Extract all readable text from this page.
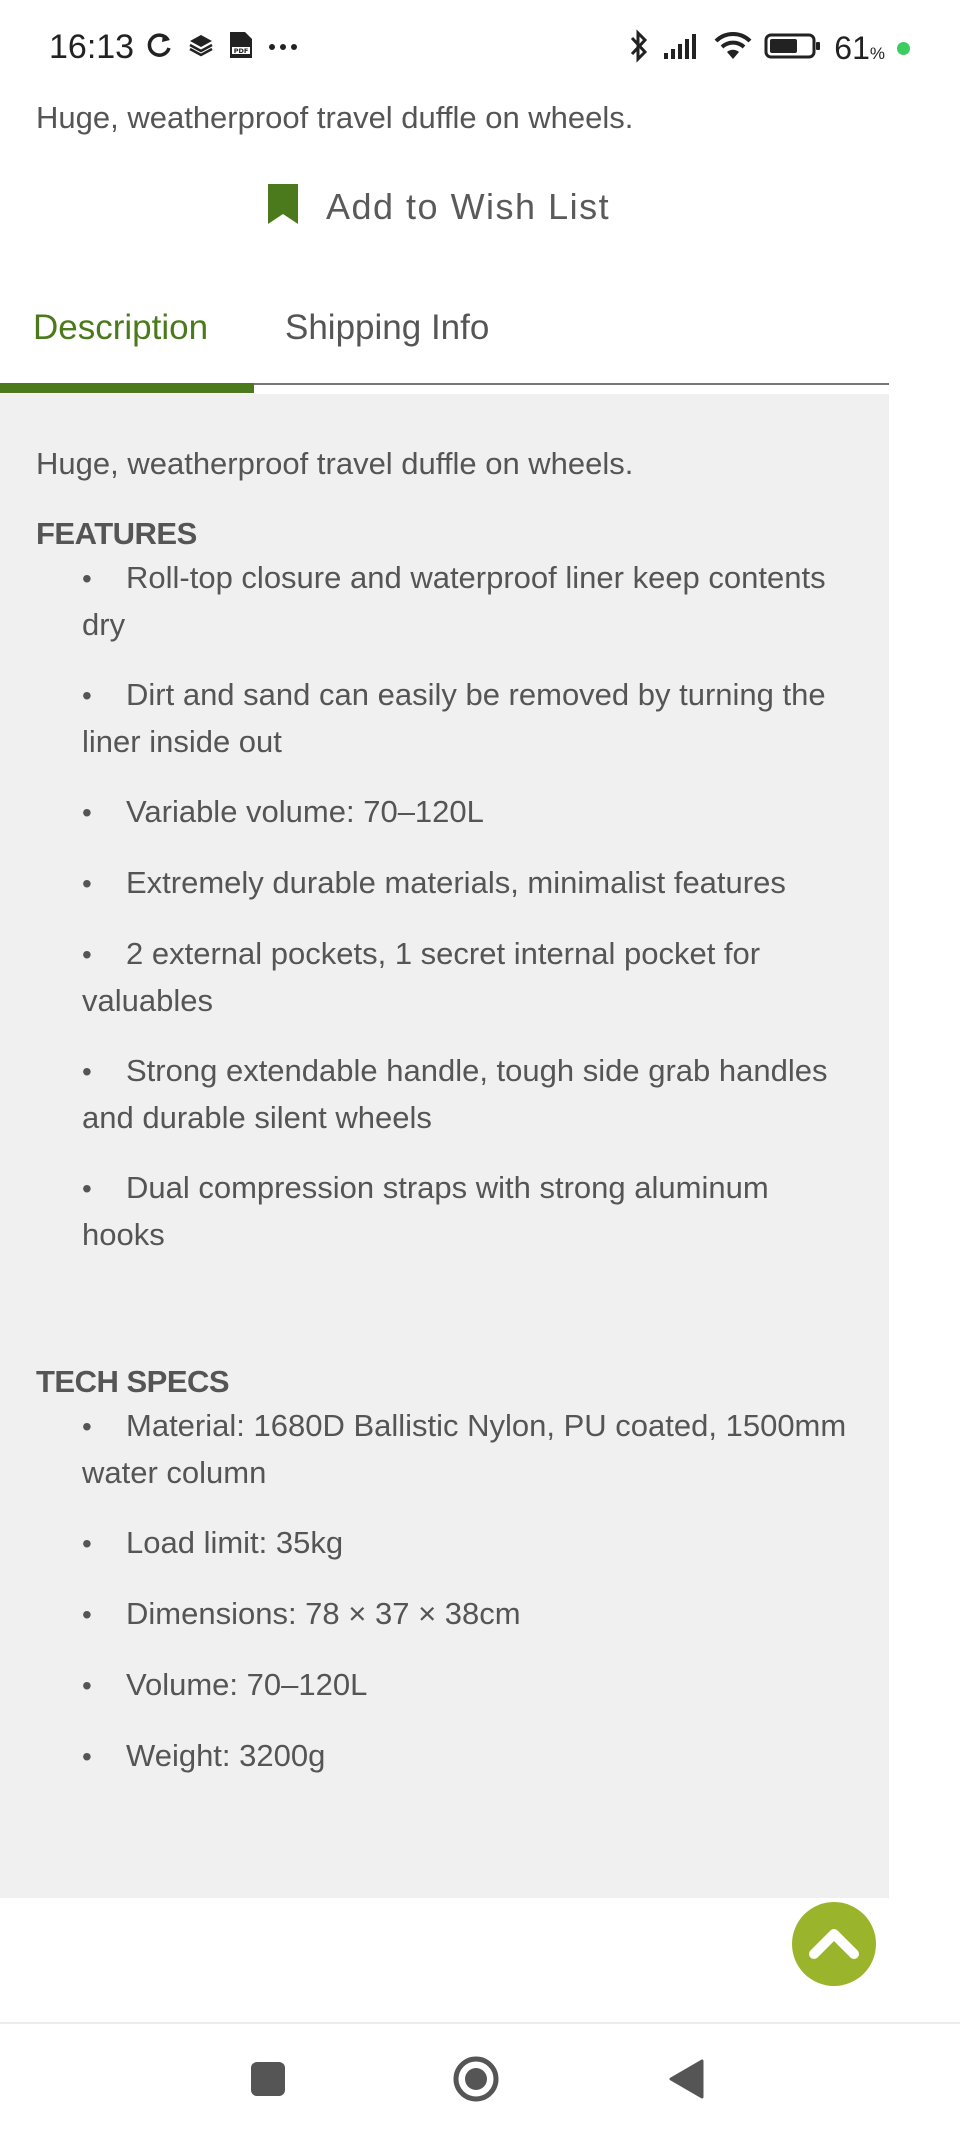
16:13	PDF	61%
Huge, weatherproof travel duffle on wheels.
Add to Wish List
Description Shipping Info
Huge, weatherproof travel duffle on wheels.
FEATURES
• Roll-top closure and waterproof liner keep contents dry
• Dirt and sand can easily be removed by turning the liner inside out
• Variable volume: 70–120L
• Extremely durable materials, minimalist features
• 2 external pockets, 1 secret internal pocket for valuables
• Strong extendable handle, tough side grab handles and durable silent wheels
• Dual compression straps with strong aluminum hooks
TECH SPECS
• Material: 1680D Ballistic Nylon, PU coated, 1500mm water column
• Load limit: 35kg
• Dimensions: 78 × 37 × 38cm
• Volume: 70–120L
• Weight: 3200g
